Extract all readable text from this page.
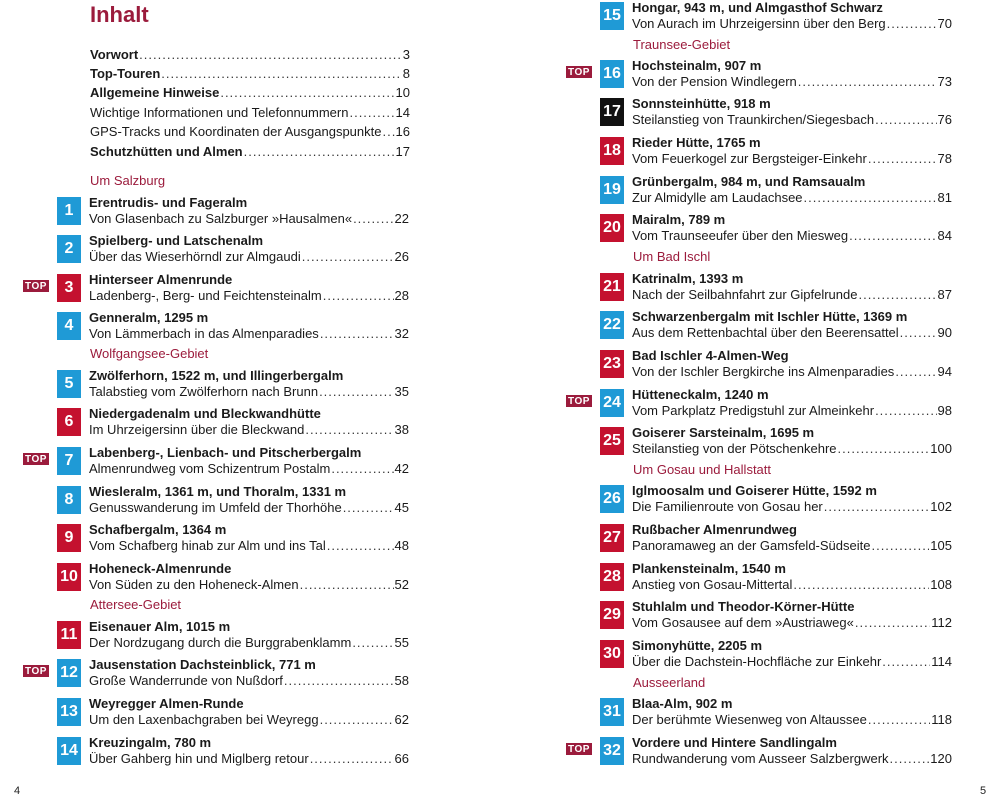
Inhalt
Vorwort .....	3
Top-Touren .....	8
Allgemeine Hinweise .....	10
Wichtige Informationen und Telefonnummern .....	14
GPS-Tracks und Koordinaten der Ausgangspunkte ..... 16
Schutzhütten und Almen .....	17
Um Salzburg
Wolfgangsee-Gebiet
Attersee-Gebiet
Traunsee-Gebiet
Um Bad Ischl
Um Gosau und Hallstatt
Ausseerland
1	Erentrudis- und Fageralm
Von Glasenbach zu Salzburger »Hausalmen« .....	22
2	Spielberg- und Latschenalm
Über das Wieserhörndl zur Almgaudi .....	26
TOP	3	Hinterseer Almenrunde
Ladenberg-, Berg- und Feichtensteinalm .....	28
4	Genneralm, 1295 m
Von Lämmerbach in das Almenparadies .....	32
5	Zwölferhorn, 1522 m, und Illingerbergalm
Talabstieg vom Zwölferhorn nach Brunn .....	35
6	Niedergadenalm und Bleckwandhütte
Im Uhrzeigersinn über die Bleckwand .....	38
TOP	7	Labenberg-, Lienbach- und Pitscherbergalm
Almenrundweg vom Schizentrum Postalm .....	42
8	Wiesleralm, 1361 m, und Thoralm, 1331 m
Genusswanderung im Umfeld der Thorhöhe .....	45
9	Schafbergalm, 1364 m
Vom Schafberg hinab zur Alm und ins Tal .....	48
10 Hoheneck-Almenrunde
Von Süden zu den Hoheneck-Almen .....	52
11 Eisenauer Alm, 1015 m
Der Nordzugang durch die Burggrabenklamm .....	55
TOP 12 Jausenstation Dachsteinblick, 771 m
Große Wanderrunde von Nußdorf .....	58
13 Weyregger Almen-Runde
Um den Laxenbachgraben bei Weyregg .....	62
14 Kreuzingalm, 780 m
Über Gahberg hin und Miglberg retour .....	66
15 Hongar, 943 m, und Almgasthof Schwarz
Von Aurach im Uhrzeigersinn über den Berg .....	70
TOP 16 Hochsteinalm, 907 m
Von der Pension Windlegern .....	73
17 Sonnsteinhütte, 918 m
Steilanstieg von Traunkirchen/Siegesbach .....	76
18 Rieder Hütte, 1765 m
Vom Feuerkogel zur Bergsteiger-Einkehr .....	78
19 Grünbergalm, 984 m, und Ramsaualm
Zur Almidylle am Laudachsee .....	81
20 Mairalm, 789 m
Vom Traunseeufer über den Miesweg .....	84
21 Katrinalm, 1393 m
Nach der Seilbahnfahrt zur Gipfelrunde .....	87
22 Schwarzenbergalm mit Ischler Hütte, 1369 m
Aus dem Rettenbachtal über den Beerensattel .....	90
23 Bad Ischler 4-Almen-Weg
Von der Ischler Bergkirche ins Almenparadies .....	94
TOP 24 Hütteneckalm, 1240 m
Vom Parkplatz Predigstuhl zur Almeinkehr .....	98
25 Goiserer Sarsteinalm, 1695 m
Steilanstieg von der Pötschenkehre .....	100
26 Iglmoosalm und Goiserer Hütte, 1592 m
Die Familienroute von Gosau her .....	102
27 Rußbacher Almenrundweg
Panoramaweg an der Gamsfeld-Südseite .....	105
28 Plankensteinalm, 1540 m
Anstieg von Gosau-Mittertal .....	108
29 Stuhlalm und Theodor-Körner-Hütte
Vom Gosausee auf dem »Austriaweg« .....	112
30 Simonyhütte, 2205 m
Über die Dachstein-Hochfläche zur Einkehr .....	114
31 Blaa-Alm, 902 m
Der berühmte Wiesenweg von Altaussee .....	118
TOP 32 Vordere und Hintere Sandlingalm
Rundwanderung vom Ausseer Salzbergwerk .....	120
4	5
